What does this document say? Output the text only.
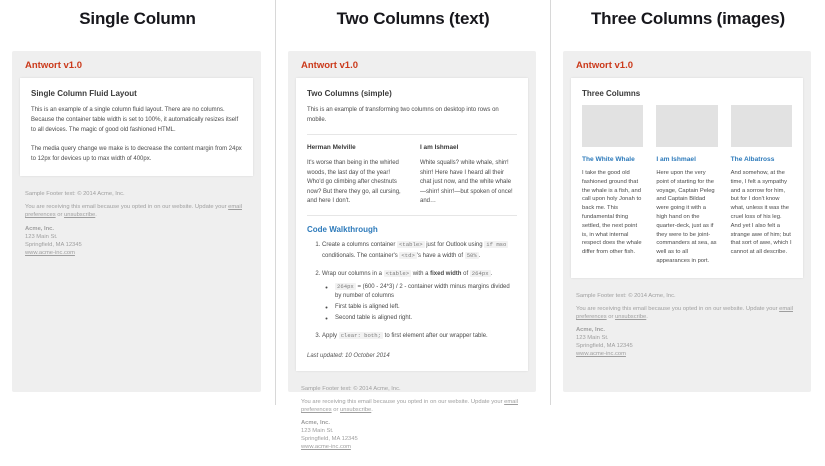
Single Column
Antwort v1.0
Single Column Fluid Layout

This is an example of a single column fluid layout. There are no columns. Because the container table width is set to 100%, it automatically resizes itself to all devices. The magic of good old fashioned HTML.

The media query change we make is to decrease the content margin from 24px to 12px for devices up to max width of 400px.

Sample Footer text: © 2014 Acme, Inc.

You are receiving this email because you opted in on our website. Update your email preferences or unsubscribe.

Acme, Inc.
123 Main St.
Springfield, MA 12345
www.acme-inc.com

Two Columns (text)
Antwort v1.0
Two Columns (simple)

This is an example of transforming two columns on desktop into rows on mobile.

Herman Melville

It's worse than being in the whirled woods, the last day of the year! Who'd go climbing after chestnuts now? But there they go, all cursing, and here I don't.

I am Ishmael

White squalls? white whale, shirr! shirr! Here have I heard all their chat just now, and the white whale—shirr! shirr!—but spoken of once! and…

Code Walkthrough
1. Create a columns container <table> just for Outlook using if mso conditionals. The container's <td> 's have a width of 50% .
2. Wrap our columns in a <table> with a fixed width of 264px .
◦ 264px = (600 - 24*3) / 2 - container width minus margins divided by number of columns
◦ First table is aligned left.
◦ Second table is aligned right.
3. Apply clear: both; to first element after our wrapper table.

Last updated: 10 October 2014

Sample Footer text: © 2014 Acme, Inc.

You are receiving this email because you opted in on our website. Update your email preferences or unsubscribe.

Acme, Inc.
123 Main St.
Springfield, MA 12345
www.acme-inc.com

Three Columns (images)
Antwort v1.0
Three Columns
The White Whale

I take the good old fashioned ground that the whale is a fish, and call upon holy Jonah to back me. This fundamental thing settled, the next point is, in what internal respect does the whale differ from other fish.

I am Ishmael

Here upon the very point of starting for the voyage, Captain Peleg and Captain Bildad were going it with a high hand on the quarter-deck, just as if they were to be joint-commanders at sea, as well as to all appearances in port.

The Albatross

And somehow, at the time, I felt a sympathy and a sorrow for him, but for I don't know what, unless it was the cruel loss of his leg. And yet I also felt a strange awe of him; but that sort of awe, which I cannot at all describe.

Sample Footer text: © 2014 Acme, Inc.

You are receiving this email because you opted in on our website. Update your email preferences or unsubscribe.

Acme, Inc.
123 Main St.
Springfield, MA 12345
www.acme-inc.com
